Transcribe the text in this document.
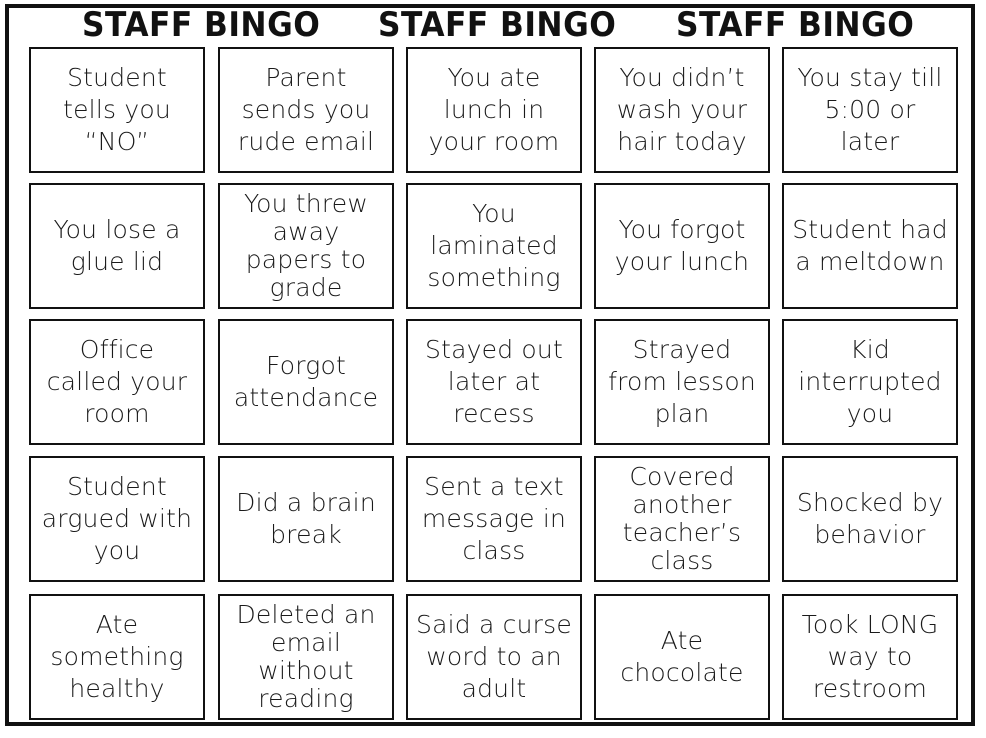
STAFF BINGO STAFF BINGO STAFF BINGO
Student
tells you
“NO”
Parent
sends you
rude email
You ate
lunch in
your room
You didn’t
wash your
hair today
You stay till
5:00 or
later
You lose a
glue lid
You threw
away
papers to
grade
You
laminated
something
You forgot
your lunch
Student had
a meltdown
Office
called your
room
Forgot
attendance
Stayed out
later at
recess
Strayed
from lesson
plan
Kid
interrupted
you
Student
argued with
you
Did a brain
break
Sent a text
message in
class
Covered
another
teacher’s
class
Shocked by
behavior
Ate
something
healthy
Deleted an
email
without
reading
Said a curse
word to an
adult
Ate
chocolate
Took LONG
way to
restroom
